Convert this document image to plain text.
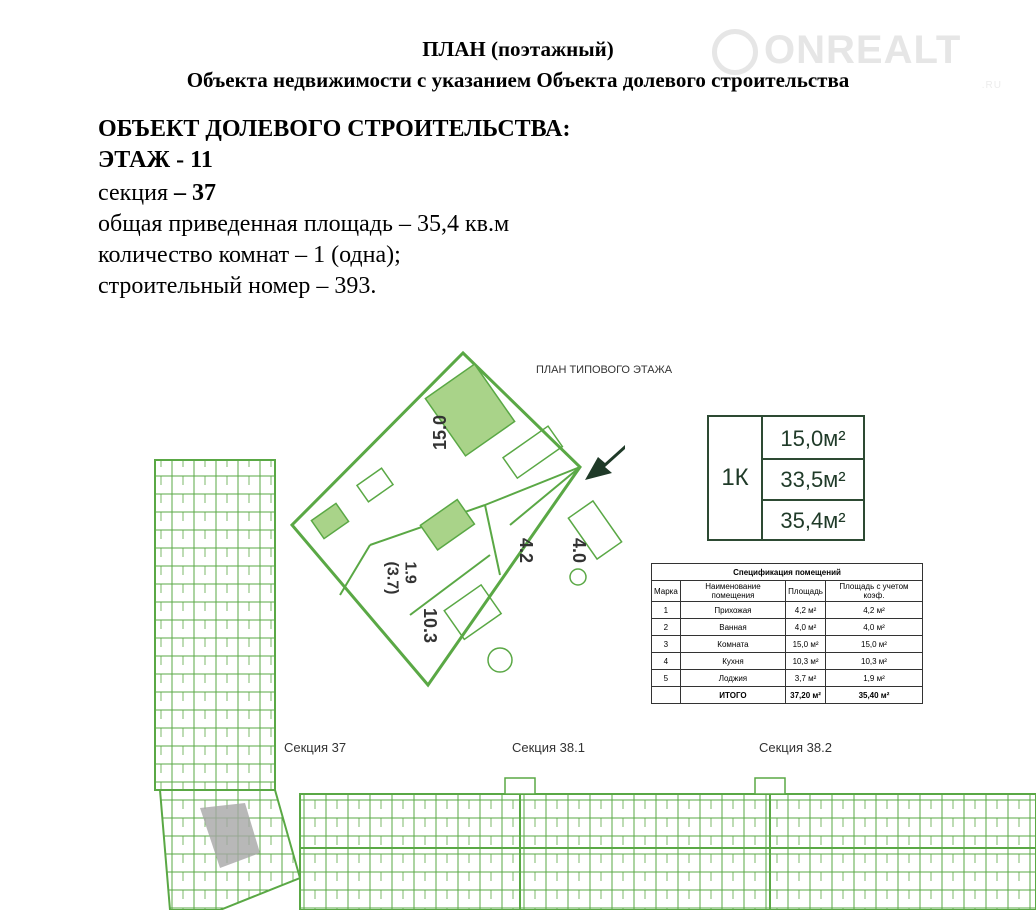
ONREALT
.RU
ПЛАН (поэтажный)
Объекта недвижимости с указанием Объекта долевого строительства
ОБЪЕКТ ДОЛЕВОГО СТРОИТЕЛЬСТВА:
ЭТАЖ - 11
секция – 37
общая приведенная площадь – 35,4 кв.м
количество комнат – 1 (одна);
строительный номер – 393.
ПЛАН ТИПОВОГО ЭТАЖА
15.0
4.2 4.0
1.9
(3.7)
10.3
1К
15,0м²
33,5м²
35,4м²
Спецификация помещений			
Марка	Наименование помещения	Площадь	Площадь с учетом коэф.
1	Прихожая	4,2 м²	4,2 м²
2	Ванная	4,0 м²	4,0 м²
3	Комната	15,0 м²	15,0 м²
4	Кухня	10,3 м²	10,3 м²
5	Лоджия	3,7 м²	1,9 м²
	ИТОГО	37,20 м²	35,40 м²
Секция 37	Секция 38.1	Секция 38.2
